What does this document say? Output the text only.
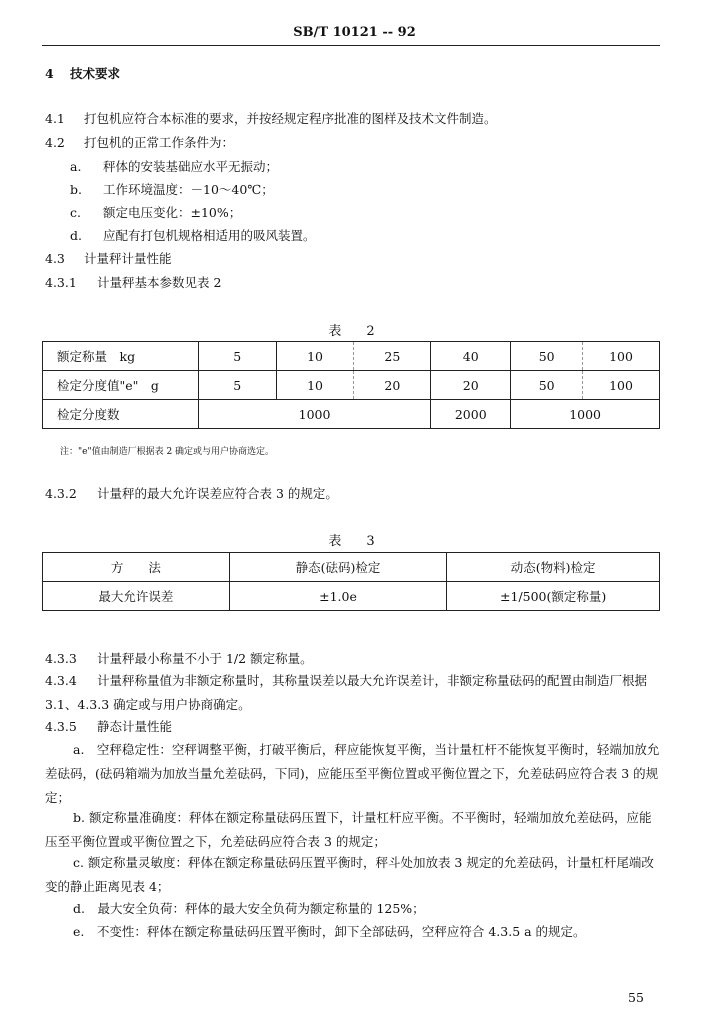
SB/T 10121 -- 92
4 技术要求
4.1 打包机应符合本标准的要求，并按经规定程序批准的图样及技术文件制造。
4.2 打包机的正常工作条件为：
a. 秤体的安装基础应水平无振动；
b. 工作环境温度：－10～40℃；
c. 额定电压变化：±10%；
d. 应配有打包机规格相适用的吸风装置。
4.3 计量秤计量性能
4.3.1 计量秤基本参数见表 2
表　2
额定称量　kg	5	10	25	40	50	100
检定分度值"e"　g	5	10	20	20	50	100
检定分度数	1000			2000	1000	
注："e"值由制造厂根据表 2 确定或与用户协商选定。
4.3.2 计量秤的最大允许误差应符合表 3 的规定。
表　3
方　　法	静态(砝码)检定	动态(物料)检定
最大允许误差	±1.0e	±1/500(额定称量)
4.3.3 计量秤最小称量不小于 1/2 额定称量。
4.3.4	计量秤称量值为非额定称量时，其称量误差以最大允许误差计，非额定称量砝码的配置由制造厂根据 3.1、4.3.3 确定或与用户协商确定。
4.3.5 静态计量性能
a.　空秤稳定性：空秤调整平衡，打破平衡后，秤应能恢复平衡，当计量杠杆不能恢复平衡时，轻端加放允差砝码，(砝码箱端为加放当量允差砝码，下同)，应能压至平衡位置或平衡位置之下，允差砝码应符合表 3 的规定；
b. 额定称量准确度：秤体在额定称量砝码压置下，计量杠杆应平衡。不平衡时，轻端加放允差砝码，应能压至平衡位置或平衡位置之下，允差砝码应符合表 3 的规定；
c. 额定称量灵敏度：秤体在额定称量砝码压置平衡时，秤斗处加放表 3 规定的允差砝码，计量杠杆尾端改变的静止距离见表 4；
d.　最大安全负荷：秤体的最大安全负荷为额定称量的 125%；
e.　不变性：秤体在额定称量砝码压置平衡时，卸下全部砝码，空秤应符合 4.3.5 a 的规定。
55
